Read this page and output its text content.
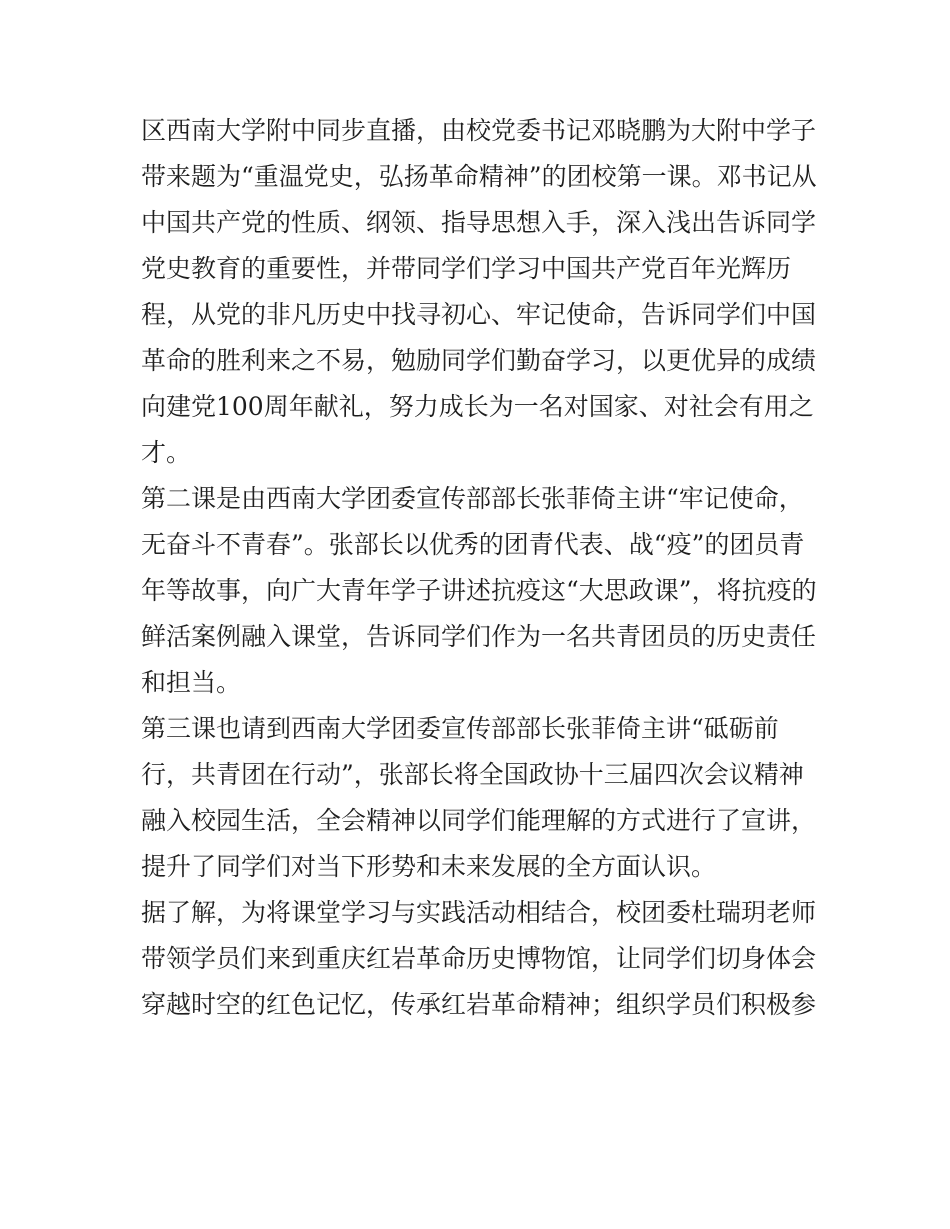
区西南大学附中同步直播，由校党委书记邓晓鹏为大附中学子
带来题为“重温党史，弘扬革命精神”的团校第一课。邓书记从
中国共产党的性质、纲领、指导思想入手，深入浅出告诉同学
党史教育的重要性，并带同学们学习中国共产党百年光辉历
程，从党的非凡历史中找寻初心、牢记使命，告诉同学们中国
革命的胜利来之不易，勉励同学们勤奋学习，以更优异的成绩
向建党100周年献礼，努力成长为一名对国家、对社会有用之
才。
第二课是由西南大学团委宣传部部长张菲倚主讲“牢记使命，
无奋斗不青春”。张部长以优秀的团青代表、战“疫”的团员青
年等故事，向广大青年学子讲述抗疫这“大思政课”，将抗疫的
鲜活案例融入课堂，告诉同学们作为一名共青团员的历史责任
和担当。
第三课也请到西南大学团委宣传部部长张菲倚主讲“砥砺前
行，共青团在行动”，张部长将全国政协十三届四次会议精神
融入校园生活，全会精神以同学们能理解的方式进行了宣讲，
提升了同学们对当下形势和未来发展的全方面认识。
据了解，为将课堂学习与实践活动相结合，校团委杜瑞玥老师
带领学员们来到重庆红岩革命历史博物馆，让同学们切身体会
穿越时空的红色记忆，传承红岩革命精神；组织学员们积极参
